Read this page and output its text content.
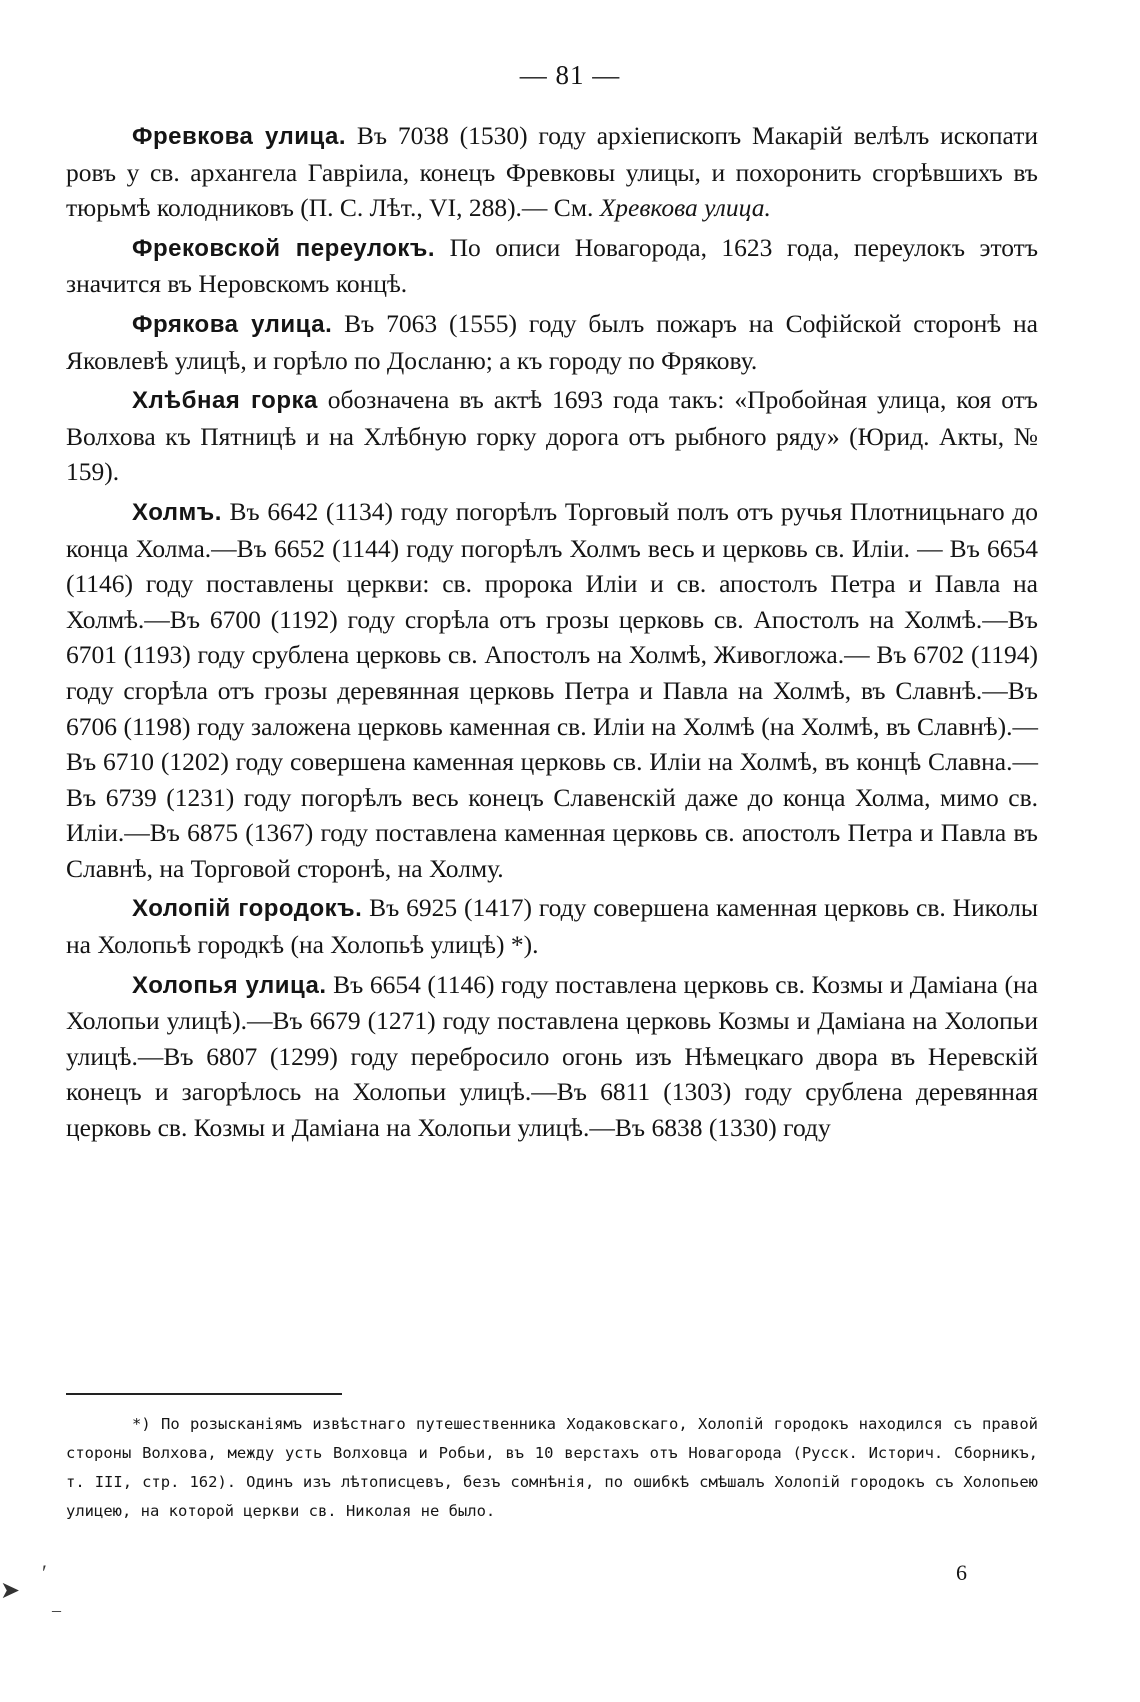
— 81 —

Фревкова улица. Въ 7038 (1530) году архіепископъ Макарій велѣлъ ископати ровъ у св. архангела Гавріила, конецъ Фревковы улицы, и похоронить сгорѣвшихъ въ тюрьмѣ колодниковъ (П. С. Лѣт., VI, 288).— См. Хревкова улица.

Фрековской переулокъ. По описи Новагорода, 1623 года, переулокъ этотъ значится въ Неровскомъ концѣ.

Фрякова улица. Въ 7063 (1555) году былъ пожаръ на Софійской сторонѣ на Яковлевѣ улицѣ, и горѣло по Досланю; а къ городу по Фрякову.

Хлѣбная горка обозначена въ актѣ 1693 года такъ: «Пробойная улица, коя отъ Волхова къ Пятницѣ и на Хлѣбную горку дорога отъ рыбного ряду» (Юрид. Акты, № 159).

Холмъ. Въ 6642 (1134) году погорѣлъ Торговый полъ отъ ручья Плотницьнаго до конца Холма.—Въ 6652 (1144) году погорѣлъ Холмъ весь и церковь св. Иліи. — Въ 6654 (1146) году поставлены церкви: св. пророка Иліи и св. апостолъ Петра и Павла на Холмѣ.—Въ 6700 (1192) году сгорѣла отъ грозы церковь св. Апостолъ на Холмѣ.—Въ 6701 (1193) году срублена церковь св. Апостолъ на Холмѣ, Живогложа.— Въ 6702 (1194) году сгорѣла отъ грозы деревянная церковь Петра и Павла на Холмѣ, въ Славнѣ.—Въ 6706 (1198) году заложена церковь каменная св. Иліи на Холмѣ (на Холмѣ, въ Славнѣ).—Въ 6710 (1202) году совершена каменная церковь св. Иліи на Холмѣ, въ концѣ Славна.— Въ 6739 (1231) году погорѣлъ весь конецъ Славенскій даже до конца Холма, мимо св. Иліи.—Въ 6875 (1367) году поставлена каменная церковь св. апостолъ Петра и Павла въ Славнѣ, на Торговой сторонѣ, на Холму.

Холопій городокъ. Въ 6925 (1417) году совершена каменная церковь св. Николы на Холопьѣ городкѣ (на Холопьѣ улицѣ) *).

Холопья улица. Въ 6654 (1146) году поставлена церковь св. Козмы и Даміана (на Холопьи улицѣ).—Въ 6679 (1271) году поставлена церковь Козмы и Даміана на Холопьи улицѣ.—Въ 6807 (1299) году перебросило огонь изъ Нѣмецкаго двора въ Неревскій конецъ и загорѣлось на Холопьи улицѣ.—Въ 6811 (1303) году срублена деревянная церковь св. Козмы и Даміана на Холопьи улицѣ.—Въ 6838 (1330) году

*) По розысканіямъ извѣстнаго путешественника Ходаковскаго, Холопій городокъ находился съ правой стороны Волхова, между усть Волховца и Робьи, въ 10 верстахъ отъ Новагорода (Русск. Историч. Сборникъ, т. III, стр. 162). Одинъ изъ лѣтописцевъ, безъ сомнѣнія, по ошибкѣ смѣшалъ Холопій городокъ съ Холопьею улицею, на которой церкви св. Николая не было.
6
➤
′
–
